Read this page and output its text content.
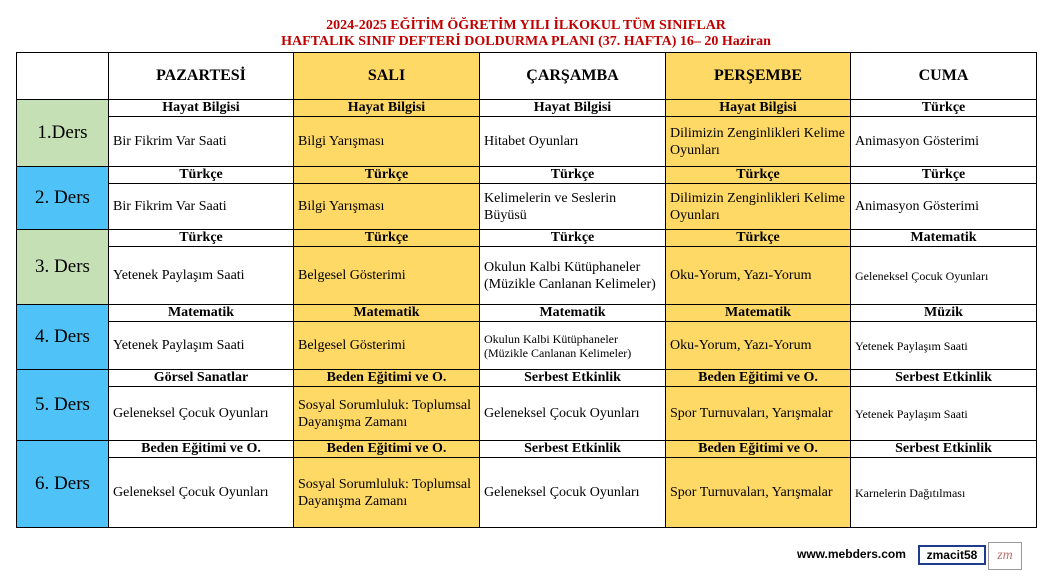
2024-2025 EĞİTİM ÖĞRETİM YILI İLKOKUL TÜM SINIFLAR
HAFTALIK SINIF DEFTERİ DOLDURMA PLANI (37. HAFTA) 16– 20 Haziran
	PAZARTESİ	SALI	ÇARŞAMBA	PERŞEMBE	CUMA
1.Ders	Hayat Bilgisi	Hayat Bilgisi	Hayat Bilgisi	Hayat Bilgisi	Türkçe
	Bir Fikrim Var Saati	Bilgi Yarışması	Hitabet Oyunları	Dilimizin Zenginlikleri Kelime Oyunları	Animasyon Gösterimi
2. Ders	Türkçe	Türkçe	Türkçe	Türkçe	Türkçe
	Bir Fikrim Var Saati	Bilgi Yarışması	Kelimelerin ve Seslerin Büyüsü	Dilimizin Zenginlikleri Kelime Oyunları	Animasyon Gösterimi
3. Ders	Türkçe	Türkçe	Türkçe	Türkçe	Matematik
	Yetenek Paylaşım Saati	Belgesel Gösterimi	Okulun Kalbi Kütüphaneler (Müzikle Canlanan Kelimeler)	Oku-Yorum, Yazı-Yorum	Geleneksel Çocuk Oyunları
4. Ders	Matematik	Matematik	Matematik	Matematik	Müzik
	Yetenek Paylaşım Saati	Belgesel Gösterimi	Okulun Kalbi Kütüphaneler (Müzikle Canlanan Kelimeler)	Oku-Yorum, Yazı-Yorum	Yetenek Paylaşım Saati
5. Ders	Görsel Sanatlar	Beden Eğitimi ve O.	Serbest Etkinlik	Beden Eğitimi ve O.	Serbest Etkinlik
	Geleneksel Çocuk Oyunları	Sosyal Sorumluluk: Toplumsal Dayanışma Zamanı	Geleneksel Çocuk Oyunları	Spor Turnuvaları, Yarışmalar	Yetenek Paylaşım Saati
6. Ders	Beden Eğitimi ve O.	Beden Eğitimi ve O.	Serbest Etkinlik	Beden Eğitimi ve O.	Serbest Etkinlik
	Geleneksel Çocuk Oyunları	Sosyal Sorumluluk: Toplumsal Dayanışma Zamanı	Geleneksel Çocuk Oyunları	Spor Turnuvaları, Yarışmalar	Karnelerin Dağıtılması
www.mebders.com	zmacit58	zm
